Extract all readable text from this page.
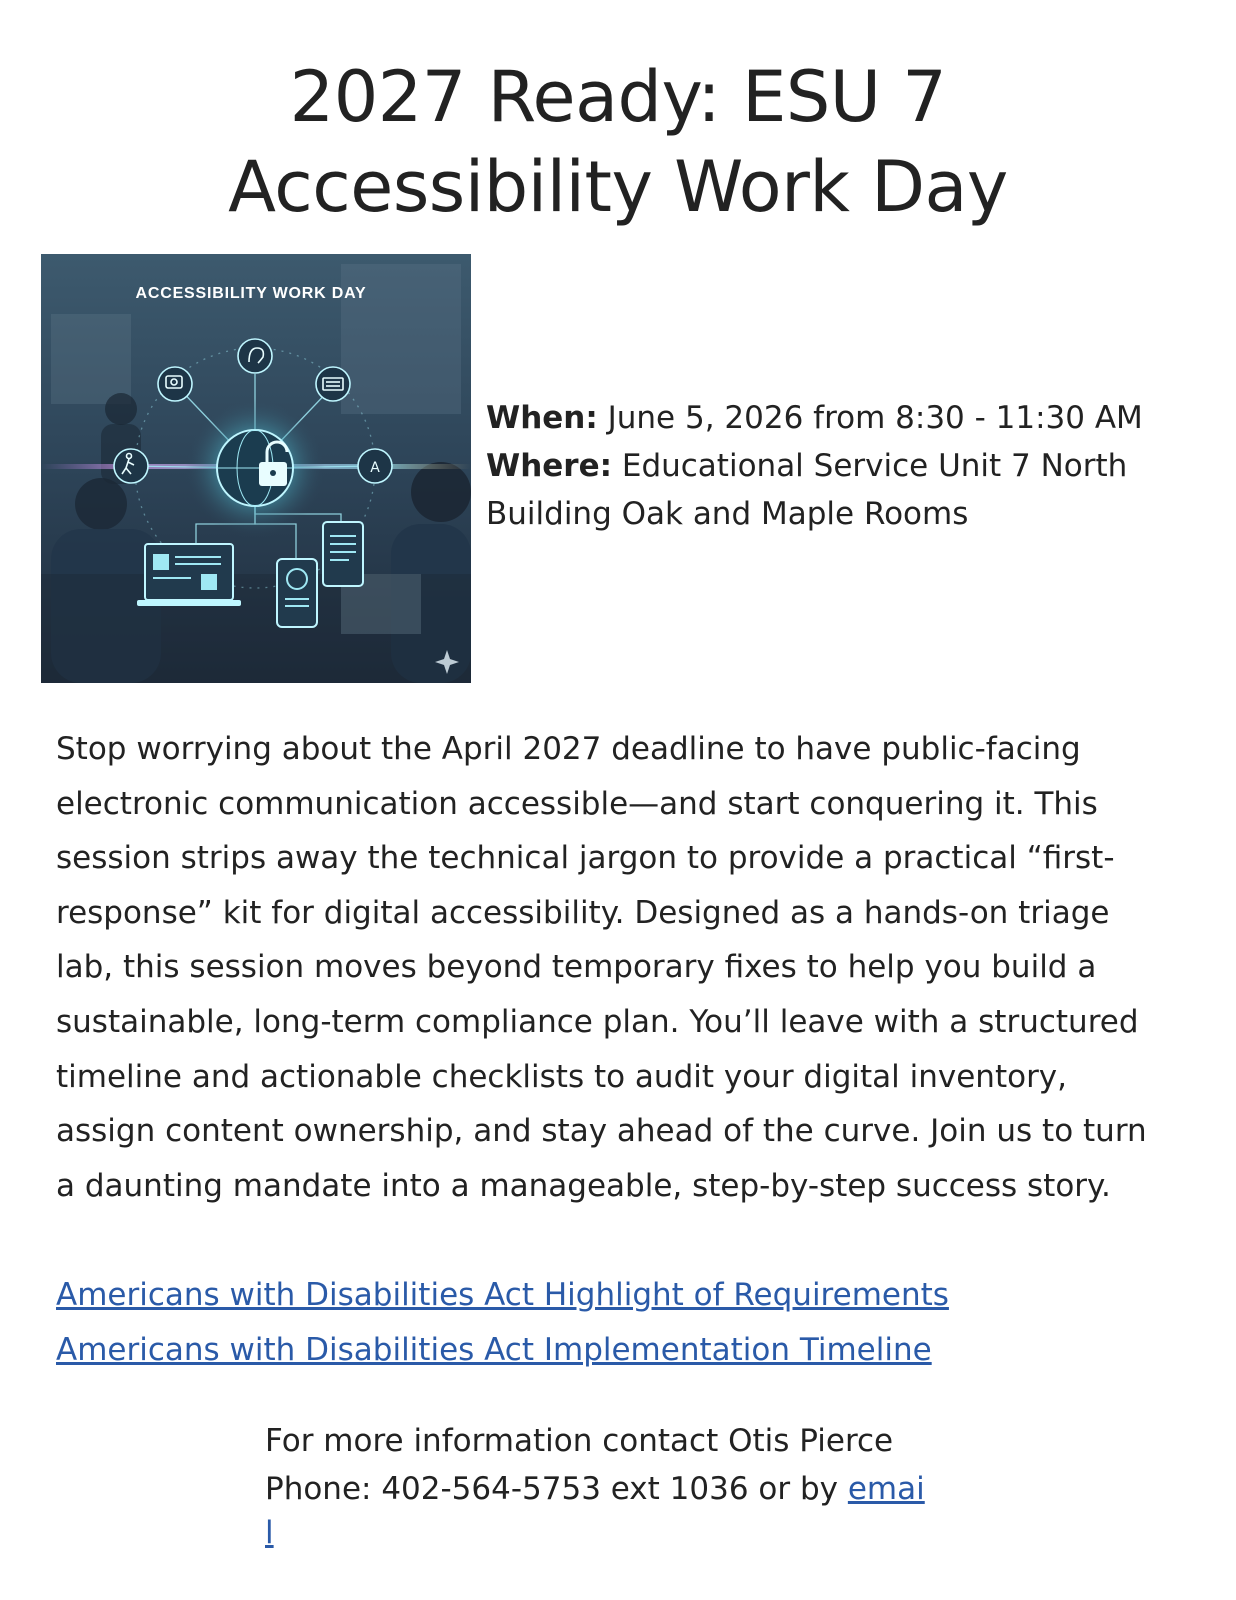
2027 Ready: ESU 7
Accessibility Work Day
ACCESSIBILITY WORK DAY
A
When: June 5, 2026 from 8:30 - 11:30 AM
Where: Educational Service Unit 7 North Building Oak and Maple Rooms

Stop worrying about the April 2027 deadline to have public-facing electronic communication accessible—and start conquering it. This session strips away the technical jargon to provide a practical “first-response” kit for digital accessibility. Designed as a hands-on triage lab, this session moves beyond temporary fixes to help you build a sustainable, long-term compliance plan. You’ll leave with a structured timeline and actionable checklists to audit your digital inventory, assign content ownership, and stay ahead of the curve. Join us to turn a daunting mandate into a manageable, step-by-step success story.

Americans with Disabilities Act Highlight of Requirements
Americans with Disabilities Act Implementation Timeline
For more information contact Otis Pierce
Phone: 402-564-5753 ext 1036 or by emai
l
